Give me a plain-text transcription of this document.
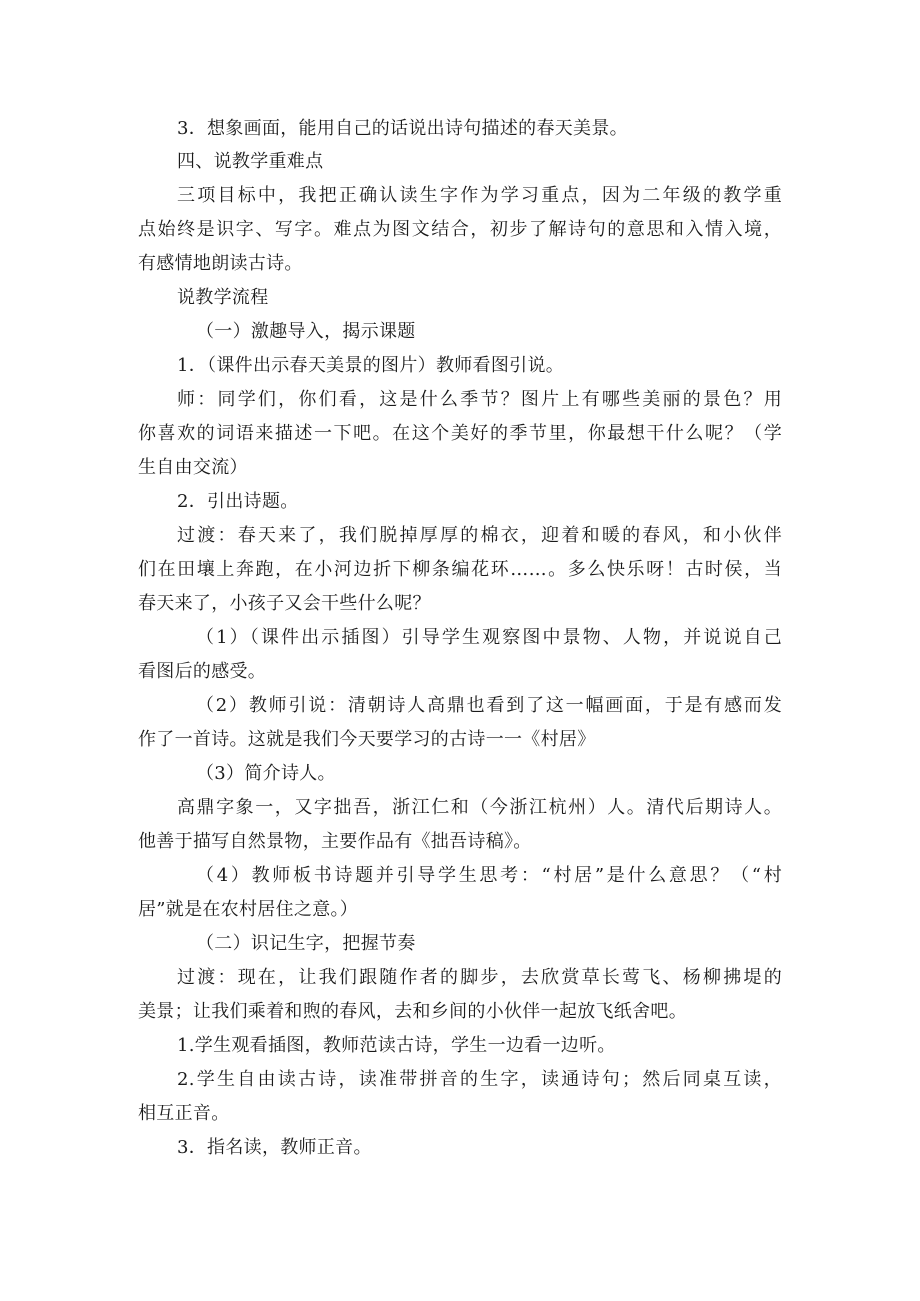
3．想象画面，能用自己的话说出诗句描述的春天美景。
四、说教学重难点
三项目标中，我把正确认读生字作为学习重点，因为二年级的教学重
点始终是识字、写字。难点为图文结合，初步了解诗句的意思和入情入境，
有感情地朗读古诗。
说教学流程
（一）激趣导入，揭示课题
1．（课件出示春天美景的图片）教师看图引说。
师：同学们，你们看，这是什么季节？图片上有哪些美丽的景色？用
你喜欢的词语来描述一下吧。在这个美好的季节里，你最想干什么呢？（学
生自由交流）
2．引出诗题。
过渡：春天来了，我们脱掉厚厚的棉衣，迎着和暖的春风，和小伙伴
们在田壤上奔跑，在小河边折下柳条编花环……。多么快乐呀！古时侯，当
春天来了，小孩子又会干些什么呢？
（1）（课件出示插图）引导学生观察图中景物、人物，并说说自己
看图后的感受。
（2）教师引说：清朝诗人高鼎也看到了这一幅画面，于是有感而发
作了一首诗。这就是我们今天要学习的古诗一一《村居》
（3）简介诗人。
高鼎字象一，又字拙吾，浙江仁和（今浙江杭州）人。清代后期诗人。
他善于描写自然景物，主要作品有《拙吾诗稿》。
（4）教师板书诗题并引导学生思考：“村居”是什么意思？（“村
居”就是在农村居住之意。）
（二）识记生字，把握节奏
过渡：现在，让我们跟随作者的脚步，去欣赏草长莺飞、杨柳拂堤的
美景；让我们乘着和煦的春风，去和乡间的小伙伴一起放飞纸舍吧。
1.学生观看插图，教师范读古诗，学生一边看一边听。
2.学生自由读古诗，读准带拼音的生字，读通诗句；然后同桌互读，
相互正音。
3．指名读，教师正音。
